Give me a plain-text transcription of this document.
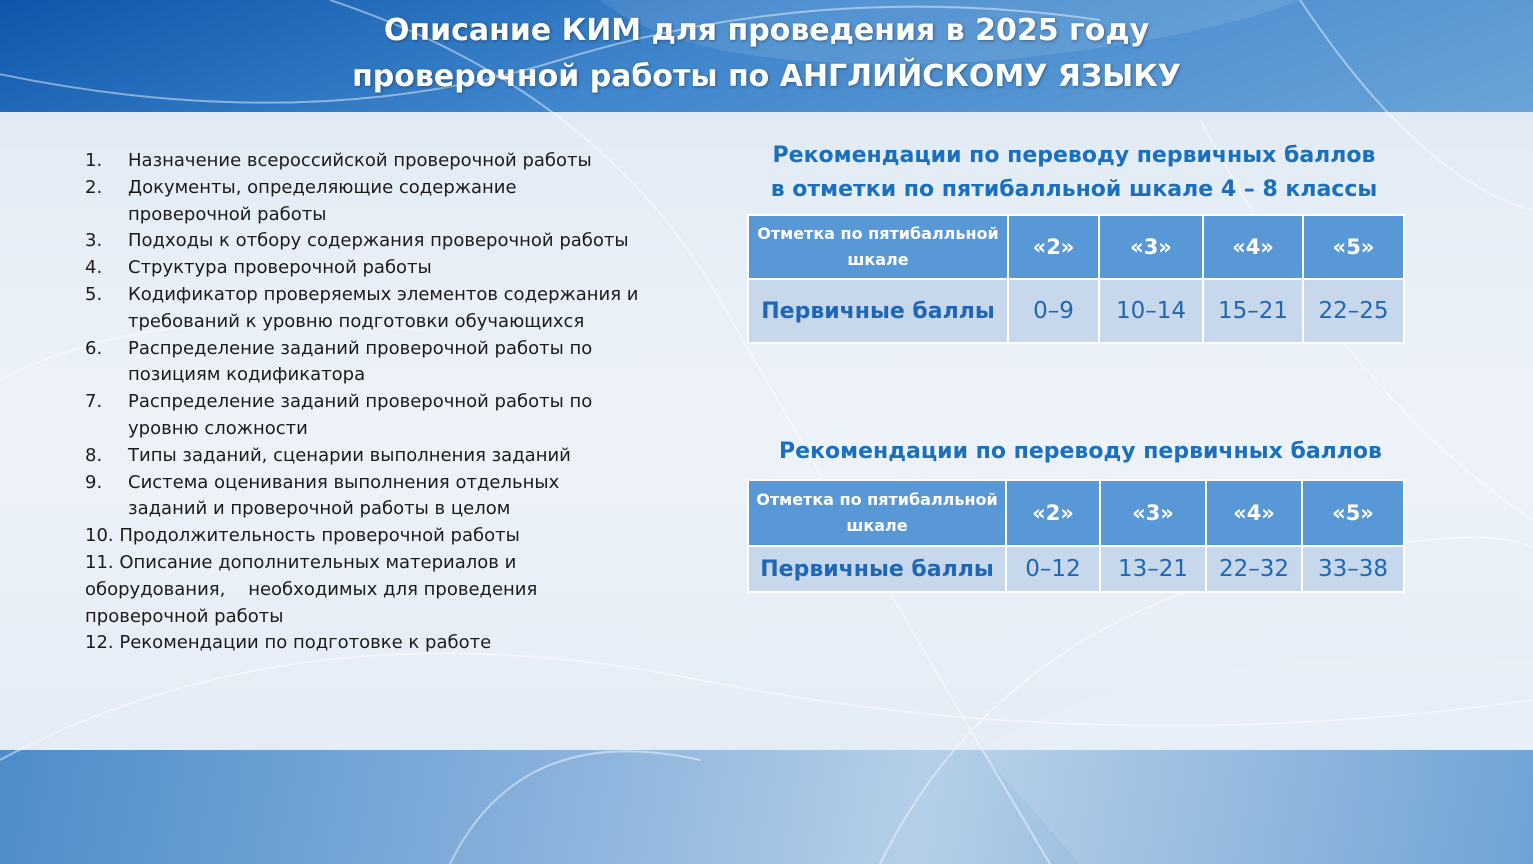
Описание КИМ для проведения в 2025 году
проверочной работы по АНГЛИЙСКОМУ ЯЗЫКУ
1. Назначение всероссийской проверочной работы
2. Документы, определяющие содержание проверочной работы
3. Подходы к отбору содержания проверочной работы
4. Структура проверочной работы
5. Кодификатор проверяемых элементов содержания и требований к уровню подготовки обучающихся
6. Распределение заданий проверочной работы по позициям кодификатора
7. Распределение заданий проверочной работы по уровню сложности
8. Типы заданий, сценарии выполнения заданий
9. Система оценивания выполнения отдельных заданий и проверочной работы в целом
10. Продолжительность проверочной работы
11. Описание дополнительных материалов и оборудования,    необходимых для проведения проверочной работы
12. Рекомендации по подготовке к работе
Рекомендации по переводу первичных баллов
в отметки по пятибалльной шкале 4 – 8 классы
Отметка по пятибалльной шкале	«2»	«3»	«4»	«5»
Первичные баллы	0–9	10–14	15–21	22–25
Рекомендации по переводу первичных баллов
Отметка по пятибалльной шкале	«2»	«3»	«4»	«5»
Первичные баллы	0–12	13–21	22–32	33–38
